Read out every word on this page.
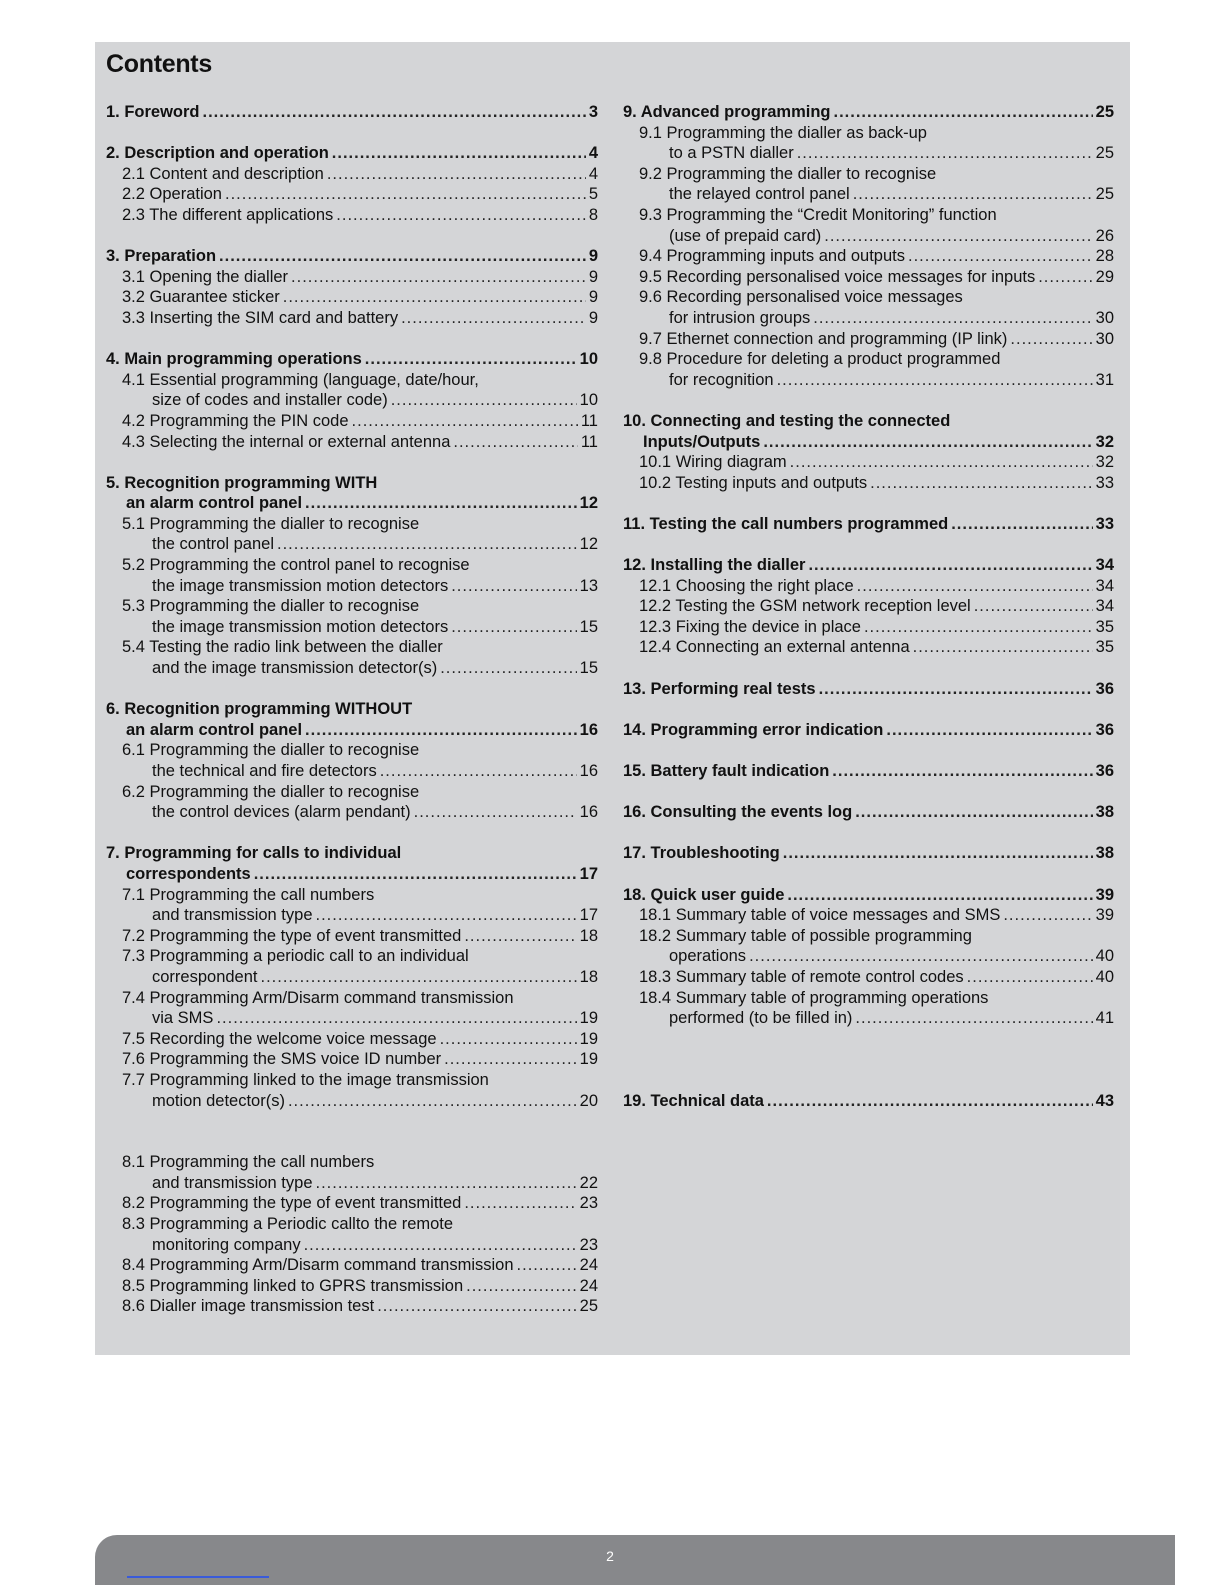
Contents
1. Foreword .....	3
2. Description and operation .....	4
2.1 Content and description .....	4
2.2 Operation .....	5
2.3 The different applications .....	8
3. Preparation .....	9
3.1 Opening the dialler .....	9
3.2 Guarantee sticker .....	9
3.3 Inserting the SIM card and battery .....	9
4. Main programming operations .....	10
4.1 Essential programming (language, date/hour,
size of codes and installer code) .....	10
4.2 Programming the PIN code .....	11
4.3 Selecting the internal or external antenna .....	11
5. Recognition programming WITH
an alarm control panel .....	12
5.1 Programming the dialler to recognise
the control panel .....	12
5.2 Programming the control panel to recognise
the image transmission motion detectors .....	13
5.3 Programming the dialler to recognise
the image transmission motion detectors .....	15
5.4 Testing the radio link between the dialler
and the image transmission detector(s) .....	15
6. Recognition programming WITHOUT
an alarm control panel .....	16
6.1 Programming the dialler to recognise
the technical and fire detectors .....	16
6.2 Programming the dialler to recognise
the control devices (alarm pendant) .....	16
7. Programming for calls to individual
correspondents .....	17
7.1 Programming the call numbers
and transmission type .....	17
7.2 Programming the type of event transmitted .....	18
7.3 Programming a periodic call to an individual
correspondent .....	18
7.4 Programming Arm/Disarm command transmission
via SMS .....	19
7.5 Recording the welcome voice message .....	19
7.6 Programming the SMS voice ID number .....	19
7.7 Programming linked to the image transmission
motion detector(s) .....	20
8.1 Programming the call numbers
and transmission type .....	22
8.2 Programming the type of event transmitted .....	23
8.3 Programming a Periodic callto the remote
monitoring company .....	23
8.4 Programming Arm/Disarm command transmission .....	24
8.5 Programming linked to GPRS transmission .....	24
8.6 Dialler image transmission test .....	25
9. Advanced programming .....	25
9.1 Programming the dialler as back-up
to a PSTN dialler .....	25
9.2 Programming the dialler to recognise
the relayed control panel .....	25
9.3 Programming the “Credit Monitoring” function
(use of prepaid card) .....	26
9.4 Programming inputs and outputs .....	28
9.5 Recording personalised voice messages for inputs .....	29
9.6 Recording personalised voice messages
for intrusion groups .....	30
9.7 Ethernet connection and programming (IP link) .....	30
9.8 Procedure for deleting a product programmed
for recognition .....	31
10. Connecting and testing the connected
Inputs/Outputs .....	32
10.1 Wiring diagram .....	32
10.2 Testing inputs and outputs .....	33
11. Testing the call numbers programmed .....	33
12. Installing the dialler .....	34
12.1 Choosing the right place .....	34
12.2 Testing the GSM network reception level .....	34
12.3 Fixing the device in place .....	35
12.4 Connecting an external antenna .....	35
13. Performing real tests .....	36
14. Programming error indication .....	36
15. Battery fault indication .....	36
16. Consulting the events log .....	38
17. Troubleshooting .....	38
18. Quick user guide .....	39
18.1 Summary table of voice messages and SMS .....	39
18.2 Summary table of possible programming
operations .....	40
18.3 Summary table of remote control codes .....	40
18.4 Summary table of programming operations
performed (to be filled in) .....	41
19. Technical data .....	43
2
